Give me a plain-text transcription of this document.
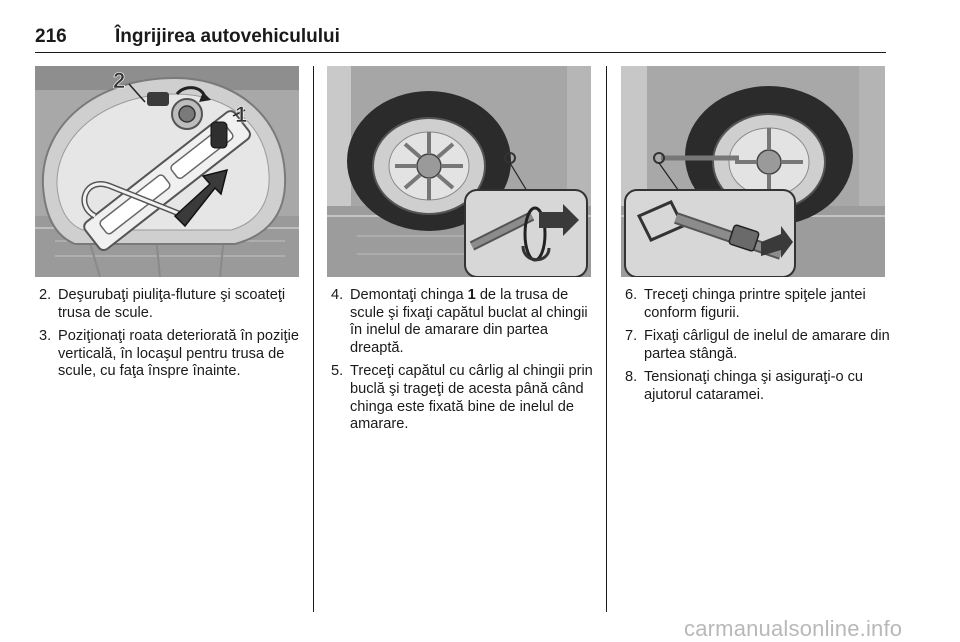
216	Îngrijirea autovehiculului
2
1
2. Deşurubaţi piuliţa-fluture şi scoateţi trusa de scule.
3. Poziţionaţi roata deteriorată în poziţie verticală, în locaşul pentru trusa de scule, cu faţa înspre înainte.
4. Demontaţi chinga 1 de la trusa de scule şi fixaţi capătul buclat al chingii în inelul de amarare din partea dreaptă.
5. Treceţi capătul cu cârlig al chingii prin buclă şi trageţi de acesta până când chinga este fixată bine de inelul de amarare.
6. Treceţi chinga printre spiţele jantei conform figurii.
7. Fixaţi cârligul de inelul de amarare din partea stângă.
8. Tensionaţi chinga şi asiguraţi-o cu ajutorul cataramei.
carmanualsonline.info
